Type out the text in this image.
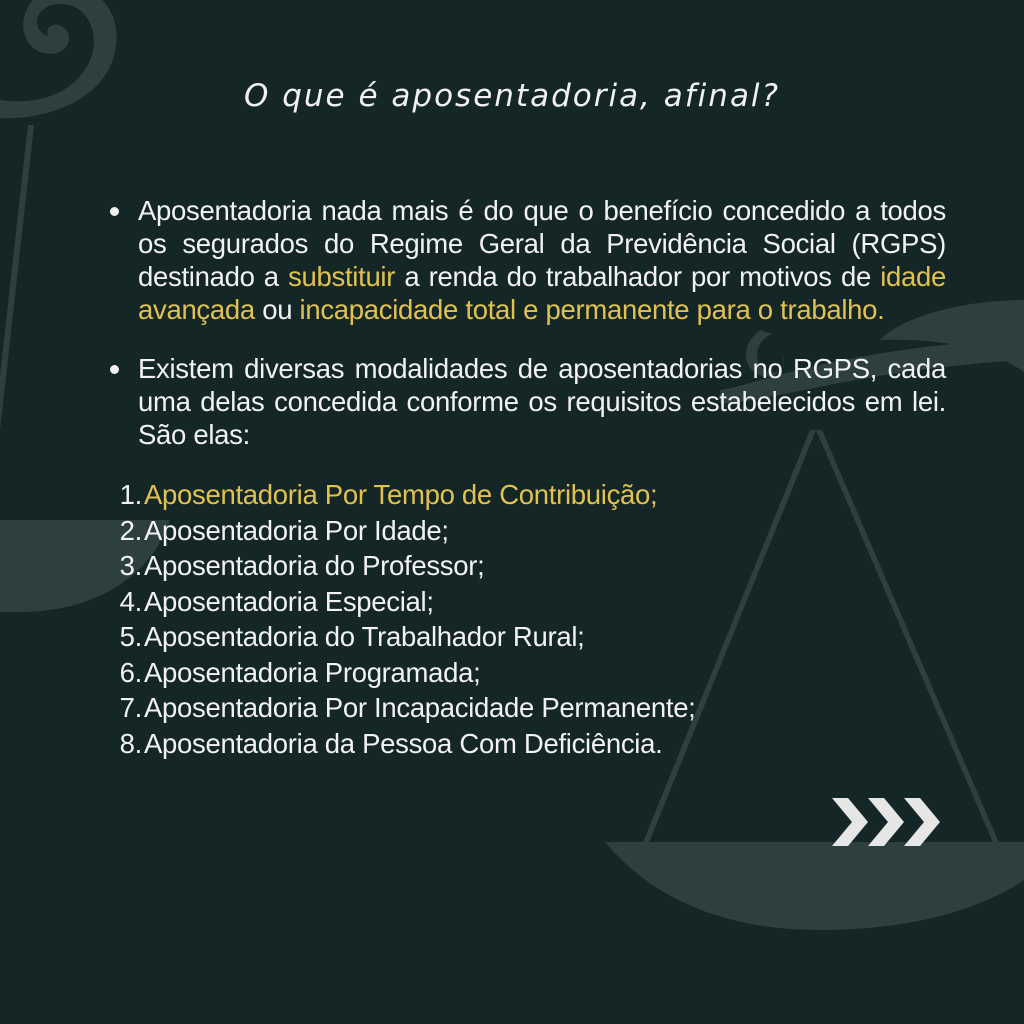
O que é aposentadoria, afinal?
Aposentadoria nada mais é do que o benefício concedido a todos os segurados do Regime Geral da Previdência Social (RGPS) destinado a substituir a renda do trabalhador por motivos de idade avançada ou incapacidade total e permanente para o trabalho.
Existem diversas modalidades de aposentadorias no RGPS, cada uma delas concedida conforme os requisitos estabelecidos em lei. São elas:
1. Aposentadoria Por Tempo de Contribuição;
2. Aposentadoria Por Idade;
3. Aposentadoria do Professor;
4. Aposentadoria Especial;
5. Aposentadoria do Trabalhador Rural;
6. Aposentadoria Programada;
7. Aposentadoria Por Incapacidade Permanente;
8. Aposentadoria da Pessoa Com Deficiência.
